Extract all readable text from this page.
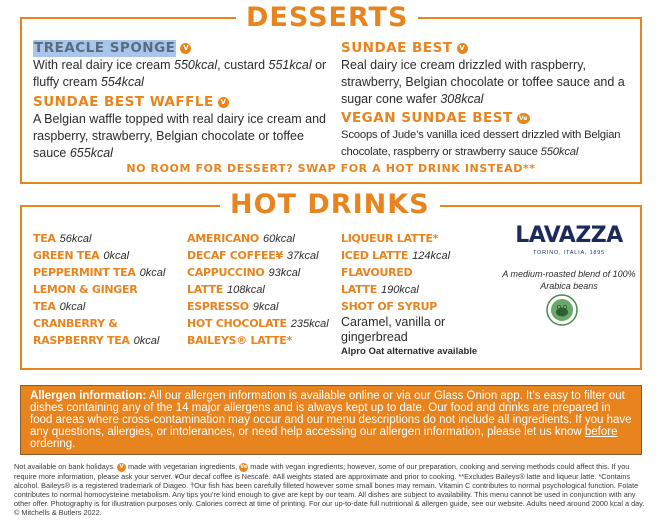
DESSERTS
TREACLE SPONGE	V
With real dairy ice cream 550kcal, custard 551kcal or fluffy cream 554kcal
SUNDAE BEST WAFFLE V
A Belgian waffle topped with real dairy ice cream and raspberry, strawberry, Belgian chocolate or toffee sauce 655kcal
SUNDAE BEST V
Real dairy ice cream drizzled with raspberry, strawberry, Belgian chocolate or toffee sauce and a sugar cone wafer 308kcal
VEGAN SUNDAE BEST	Ve
Scoops of Jude’s vanilla iced dessert drizzled with Belgian chocolate, raspberry or strawberry sauce 550kcal
NO ROOM FOR DESSERT? SWAP FOR A HOT DRINK INSTEAD**
HOT DRINKS
TEA 56kcal
GREEN TEA 0kcal
PEPPERMINT TEA 0kcal
LEMON & GINGER
TEA 0kcal
CRANBERRY &
RASPBERRY TEA 0kcal
AMERICANO 60kcal
DECAF COFFEE¥ 37kcal
CAPPUCCINO 93kcal
LATTE 108kcal
ESPRESSO 9kcal
HOT CHOCOLATE 235kcal
BAILEYS® LATTE*
LIQUEUR LATTE*
ICED LATTE 124kcal
FLAVOURED
LATTE 190kcal
SHOT OF SYRUP
Caramel, vanilla or gingerbread
Alpro Oat alternative available
LAVAZZA
TORINO, ITALIA, 1895
A medium-roasted blend of 100% Arabica beans
Allergen information: All our allergen information is available online or via our Glass Onion app. It’s easy to filter out dishes containing any of the 14 major allergens and is always kept up to date. Our food and drinks are prepared in food areas where cross-contamination may occur and our menu descriptions do not include all ingredients. If you have any questions, allergies, or intolerances, or need help accessing our allergen information, please let us know before ordering.
Not available on bank holidays. V made with vegetarian ingredients, Ve made with vegan ingredients; however, some of our preparation, cooking and serving methods could affect this. If you require more information, please ask your server. ¥Our decaf coffee is Nescafé. #All weights stated are approximate and prior to cooking. **Excludes Baileys® latte and liqueur latte. *Contains alcohol. Baileys® is a registered trademark of Diageo. †Our fish has been carefully filleted however some small bones may remain. Vitamin C contributes to normal psychological function. Folate contributes to normal homocysteine metabolism. Any tips you’re kind enough to give are kept by our team. All dishes are subject to availability. This menu cannot be used in conjunction with any other offer. Photography is for illustration purposes only. Calories correct at time of printing. For our up-to-date full nutritional & allergen guide, see our website. Adults need around 2000 kcal a day. © Mitchells & Butlers 2022.
